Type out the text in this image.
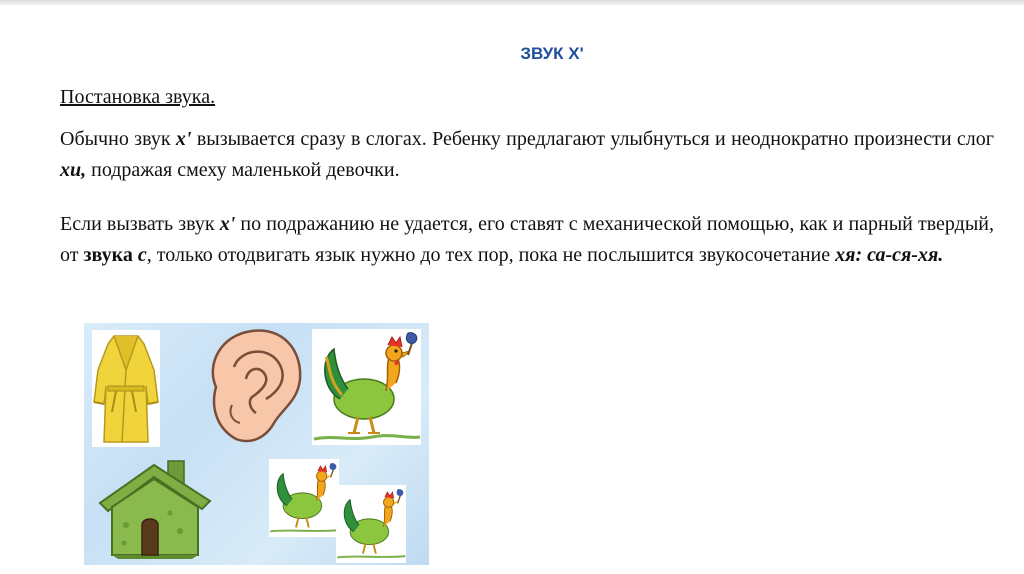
ЗВУК Х'
Постановка звука.
Обычно звук х' вызывается сразу в слогах. Ребенку предлагают улыбнуться и неоднократно произнести слог хи, подражая смеху маленькой девочки.
Если вызвать звук х' по подражанию не удается, его ставят с механической помощью, как и парный твердый, от звука с, только отодвигать язык нужно до тех пор, пока не послышится звукосочетание хя: са-ся-хя.
